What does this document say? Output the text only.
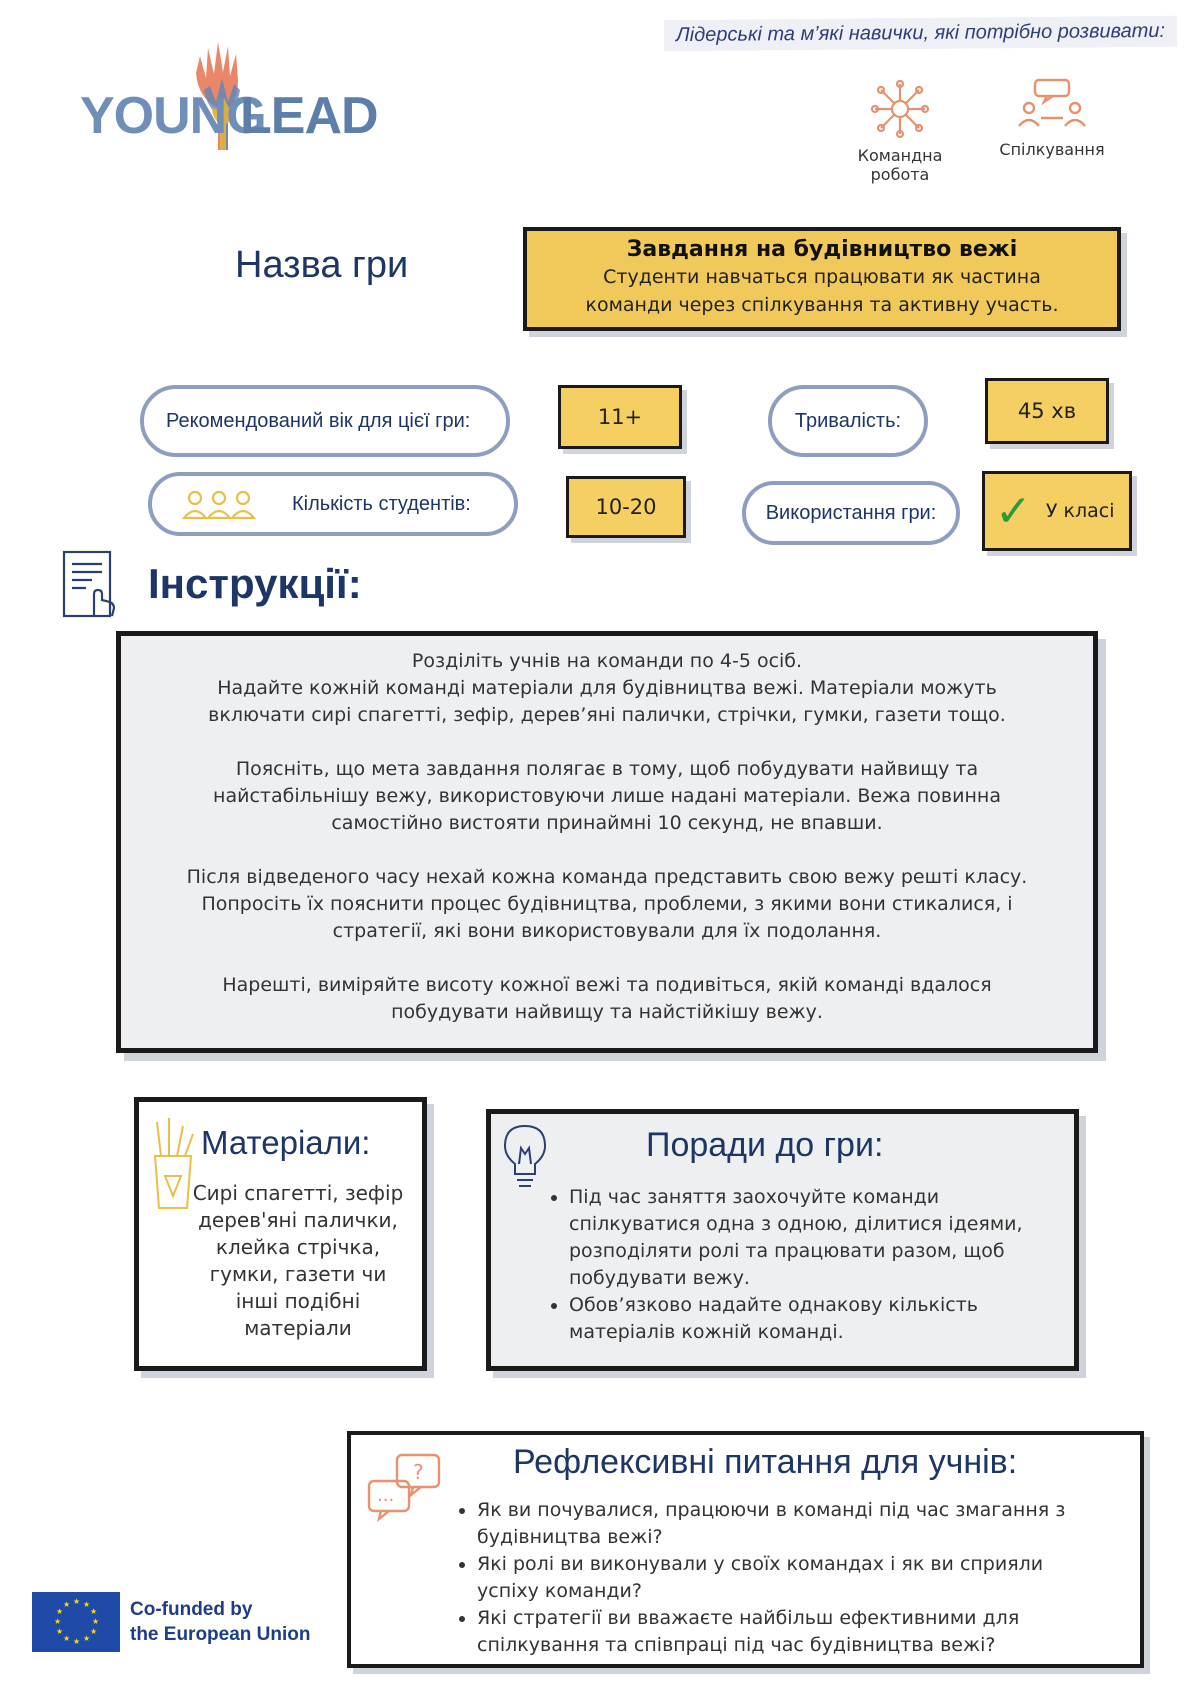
Лідерські та м’які навички, які потрібно розвивати:
Командна
робота
Спілкування
YOUNG
LEAD
Назва гри	Завдання на будівництво вежі
Студенти навчаться працювати як частина
команди через спілкування та активну участь.
Рекомендований вік для цієї гри:	11+	Тривалість:	45 хв
Кількість студентів:	10-20	Використання гри: ✓ У класі
Інструкції:

Розділіть учнів на команди по 4-5 осіб.
Надайте кожній команді матеріали для будівництва вежі. Матеріали можуть
включати сирі спагетті, зефір, дерев’яні палички, стрічки, гумки, газети тощо.

Поясніть, що мета завдання полягає в тому, щоб побудувати найвищу та
найстабільнішу вежу, використовуючи лише надані матеріали. Вежа повинна
самостійно вистояти принаймні 10 секунд, не впавши.

Після відведеного часу нехай кожна команда представить свою вежу решті класу.
Попросіть їх пояснити процес будівництва, проблеми, з якими вони стикалися, і
стратегії, які вони використовували для їх подолання.

Нарешті, виміряйте висоту кожної вежі та подивіться, якій команді вдалося
побудувати найвищу та найстійкішу вежу.

Матеріали:
Сирі спагетті, зефір
дерев'яні палички,
клейка стрічка,
гумки, газети чи
інші подібні
матеріали
Поради до гри:
• Під час заняття заохочуйте команди спілкуватися одна з одною, ділитися ідеями, розподіляти ролі та працювати разом, щоб побудувати вежу.
• Обов’язково надайте однакову кількість матеріалів кожній команді.
?
...
Рефлексивні питання для учнів:
• Як ви почувалися, працюючи в команді під час змагання з будівництва вежі?
• Які ролі ви виконували у своїх командах і як ви сприяли успіху команди?
• Які стратегії ви вважаєте найбільш ефективними для спілкування та співпраці під час будівництва вежі?
★ ★
★
★
★
★
★
★
★
★
★
★	Co-funded by
the European Union
